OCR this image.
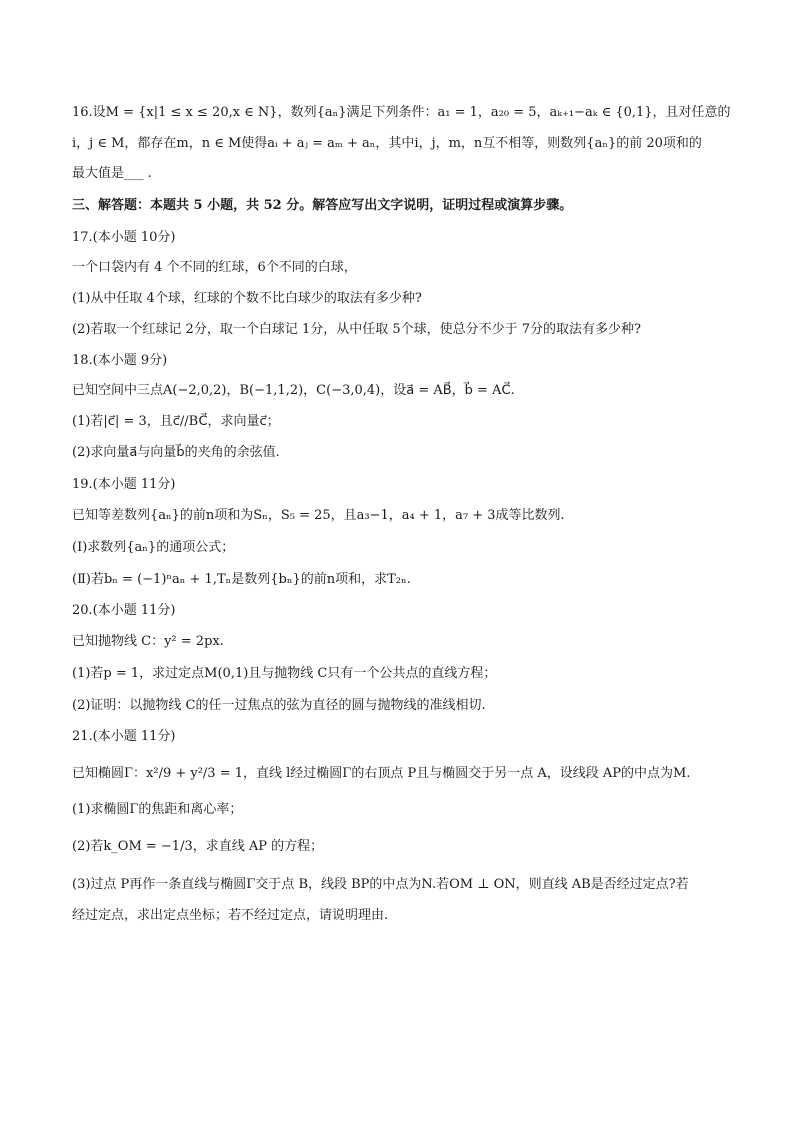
16.设M = {x|1 ≤ x ≤ 20,x ∈ N}，数列{aₙ}满足下列条件：a₁ = 1，a₂₀ = 5，aₖ₊₁−aₖ ∈ {0,1}，且对任意的
i，j ∈ M，都存在m，n ∈ M使得aᵢ + aⱼ = aₘ + aₙ，其中i，j，m，n互不相等，则数列{aₙ}的前 20项和的
最大值是___ .
三、解答题：本题共 5 小题，共 52 分。解答应写出文字说明，证明过程或演算步骤。
17.(本小题 10分)
一个口袋内有 4 个不同的红球，6个不同的白球，
(1)从中任取 4个球，红球的个数不比白球少的取法有多少种?
(2)若取一个红球记 2分，取一个白球记 1分，从中任取 5个球，使总分不少于 7分的取法有多少种?
18.(本小题 9分)
已知空间中三点A(−2,0,2)，B(−1,1,2)，C(−3,0,4)，设a⃗ = AB⃗，b⃗ = AC⃗.
(1)若|c⃗| = 3，且c⃗//BC⃗，求向量c⃗；
(2)求向量a⃗与向量b⃗的夹角的余弦值.
19.(本小题 11分)
已知等差数列{aₙ}的前n项和为Sₙ，S₅ = 25，且a₃−1，a₄ + 1，a₇ + 3成等比数列.
(Ⅰ)求数列{aₙ}的通项公式；
(Ⅱ)若bₙ = (−1)ⁿaₙ + 1,Tₙ是数列{bₙ}的前n项和，求T₂ₙ.
20.(本小题 11分)
已知抛物线 C：y² = 2px.
(1)若p = 1，求过定点M(0,1)且与抛物线 C只有一个公共点的直线方程；
(2)证明：以抛物线 C的任一过焦点的弦为直径的圆与抛物线的准线相切.
21.(本小题 11分)
已知椭圆Γ：x²/9 + y²/3 = 1，直线 l经过椭圆Γ的右顶点 P且与椭圆交于另一点 A，设线段 AP的中点为M.
(1)求椭圆Γ的焦距和离心率；
(2)若k_OM = −1/3，求直线 AP 的方程；
(3)过点 P再作一条直线与椭圆Γ交于点 B，线段 BP的中点为N.若OM ⊥ ON，则直线 AB是否经过定点?若
经过定点，求出定点坐标；若不经过定点，请说明理由.
